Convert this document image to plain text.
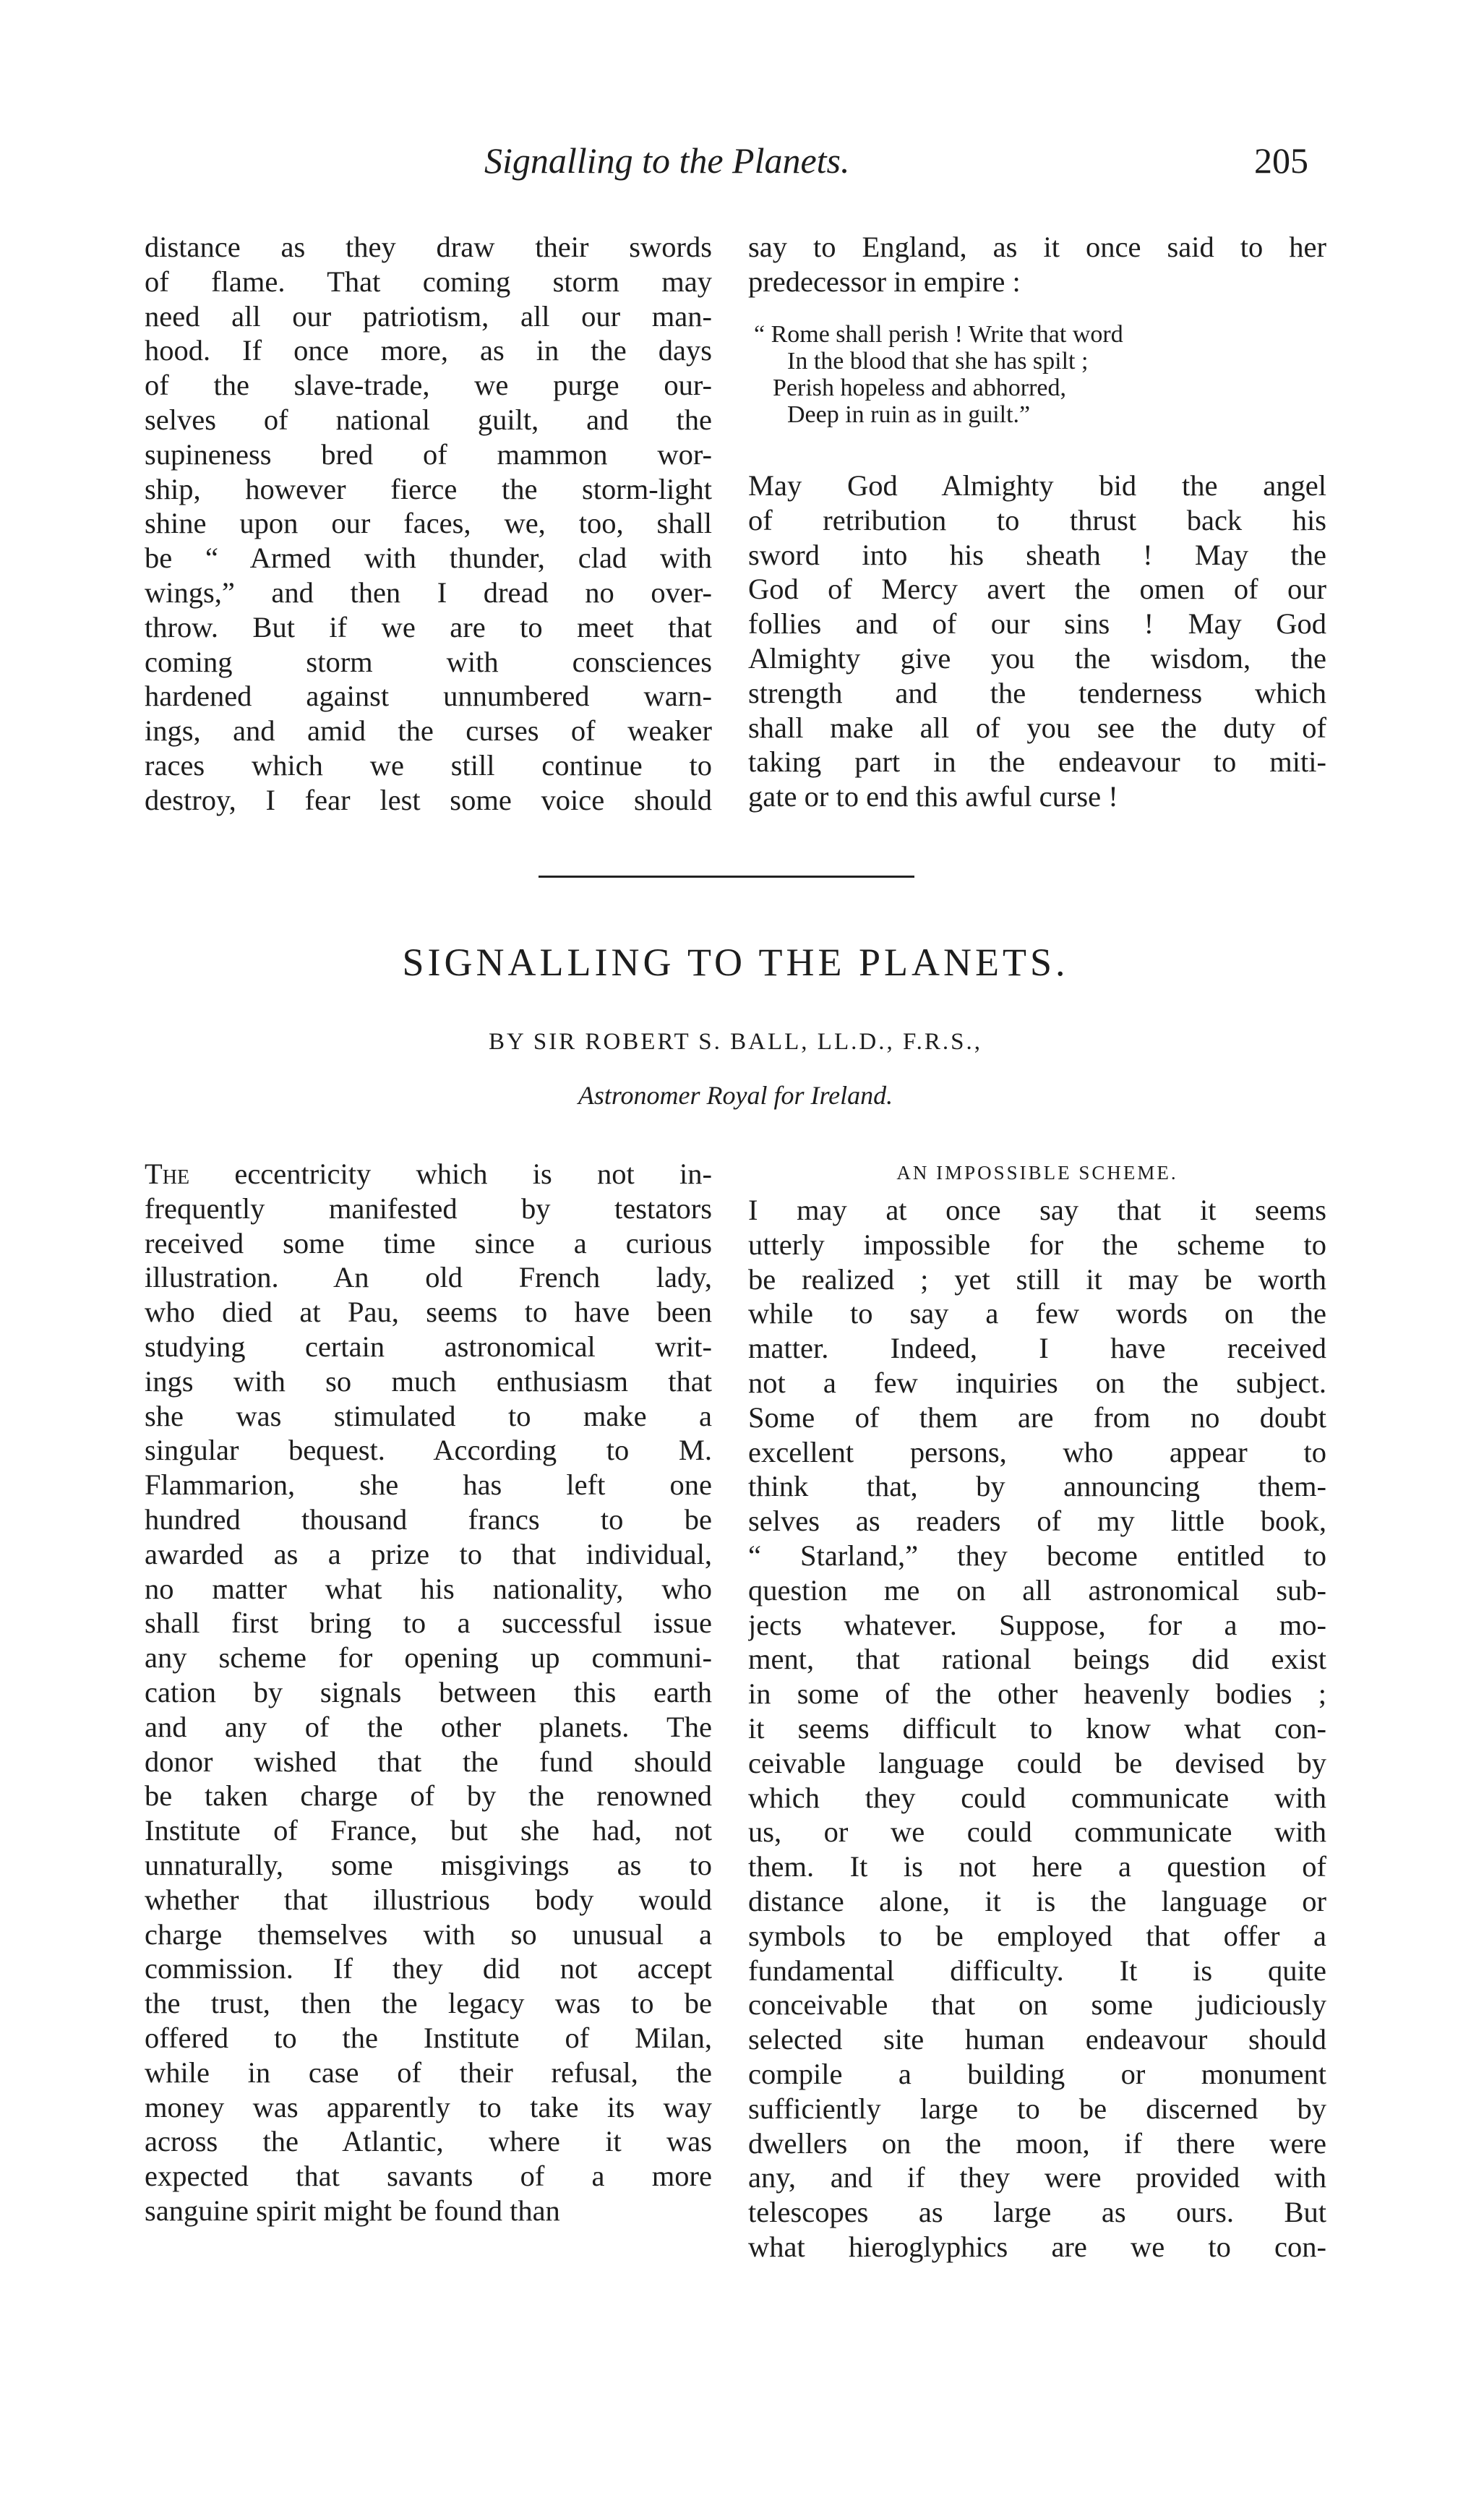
Signalling to the Planets.	205

distance as they draw their swords

of flame. That coming storm may

need all our patriotism, all our man-

hood. If once more, as in the days

of the slave-trade, we purge our-

selves of national guilt, and the

supineness bred of mammon wor-

ship, however fierce the storm-light

shine upon our faces, we, too, shall

be “ Armed with thunder, clad with

wings,” and then I dread no over-

throw. But if we are to meet that

coming storm with consciences

hardened against unnumbered warn-

ings, and amid the curses of weaker

races which we still continue to

destroy, I fear lest some voice should

say to England, as it once said to her

predecessor in empire :

“ Rome shall perish ! Write that word
In the blood that she has spilt ;
Perish hopeless and abhorred,
Deep in ruin as in guilt.”

May God Almighty bid the angel

of retribution to thrust back his

sword into his sheath ! May the

God of Mercy avert the omen of our

follies and of our sins ! May God

Almighty give you the wisdom, the

strength and the tenderness which

shall make all of you see the duty of

taking part in the endeavour to miti-

gate or to end this awful curse !

SIGNALLING TO THE PLANETS.
BY SIR ROBERT S. BALL, LL.D., F.R.S.,
Astronomer Royal for Ireland.

The eccentricity which is not in-

frequently manifested by testators

received some time since a curious

illustration. An old French lady,

who died at Pau, seems to have been

studying certain astronomical writ-

ings with so much enthusiasm that

she was stimulated to make a

singular bequest. According to M.

Flammarion, she has left one

hundred thousand francs to be

awarded as a prize to that individual,

no matter what his nationality, who

shall first bring to a successful issue

any scheme for opening up communi-

cation by signals between this earth

and any of the other planets. The

donor wished that the fund should

be taken charge of by the renowned

Institute of France, but she had, not

unnaturally, some misgivings as to

whether that illustrious body would

charge themselves with so unusual a

commission. If they did not accept

the trust, then the legacy was to be

offered to the Institute of Milan,

while in case of their refusal, the

money was apparently to take its way

across the Atlantic, where it was

expected that savants of a more

sanguine spirit might be found than

AN IMPOSSIBLE SCHEME.

I may at once say that it seems

utterly impossible for the scheme to

be realized ; yet still it may be worth

while to say a few words on the

matter. Indeed, I have received

not a few inquiries on the subject.

Some of them are from no doubt

excellent persons, who appear to

think that, by announcing them-

selves as readers of my little book,

“ Starland,” they become entitled to

question me on all astronomical sub-

jects whatever. Suppose, for a mo-

ment, that rational beings did exist

in some of the other heavenly bodies ;

it seems difficult to know what con-

ceivable language could be devised by

which they could communicate with

us, or we could communicate with

them. It is not here a question of

distance alone, it is the language or

symbols to be employed that offer a

fundamental difficulty. It is quite

conceivable that on some judiciously

selected site human endeavour should

compile a building or monument

sufficiently large to be discerned by

dwellers on the moon, if there were

any, and if they were provided with

telescopes as large as ours. But

what hieroglyphics are we to con-
